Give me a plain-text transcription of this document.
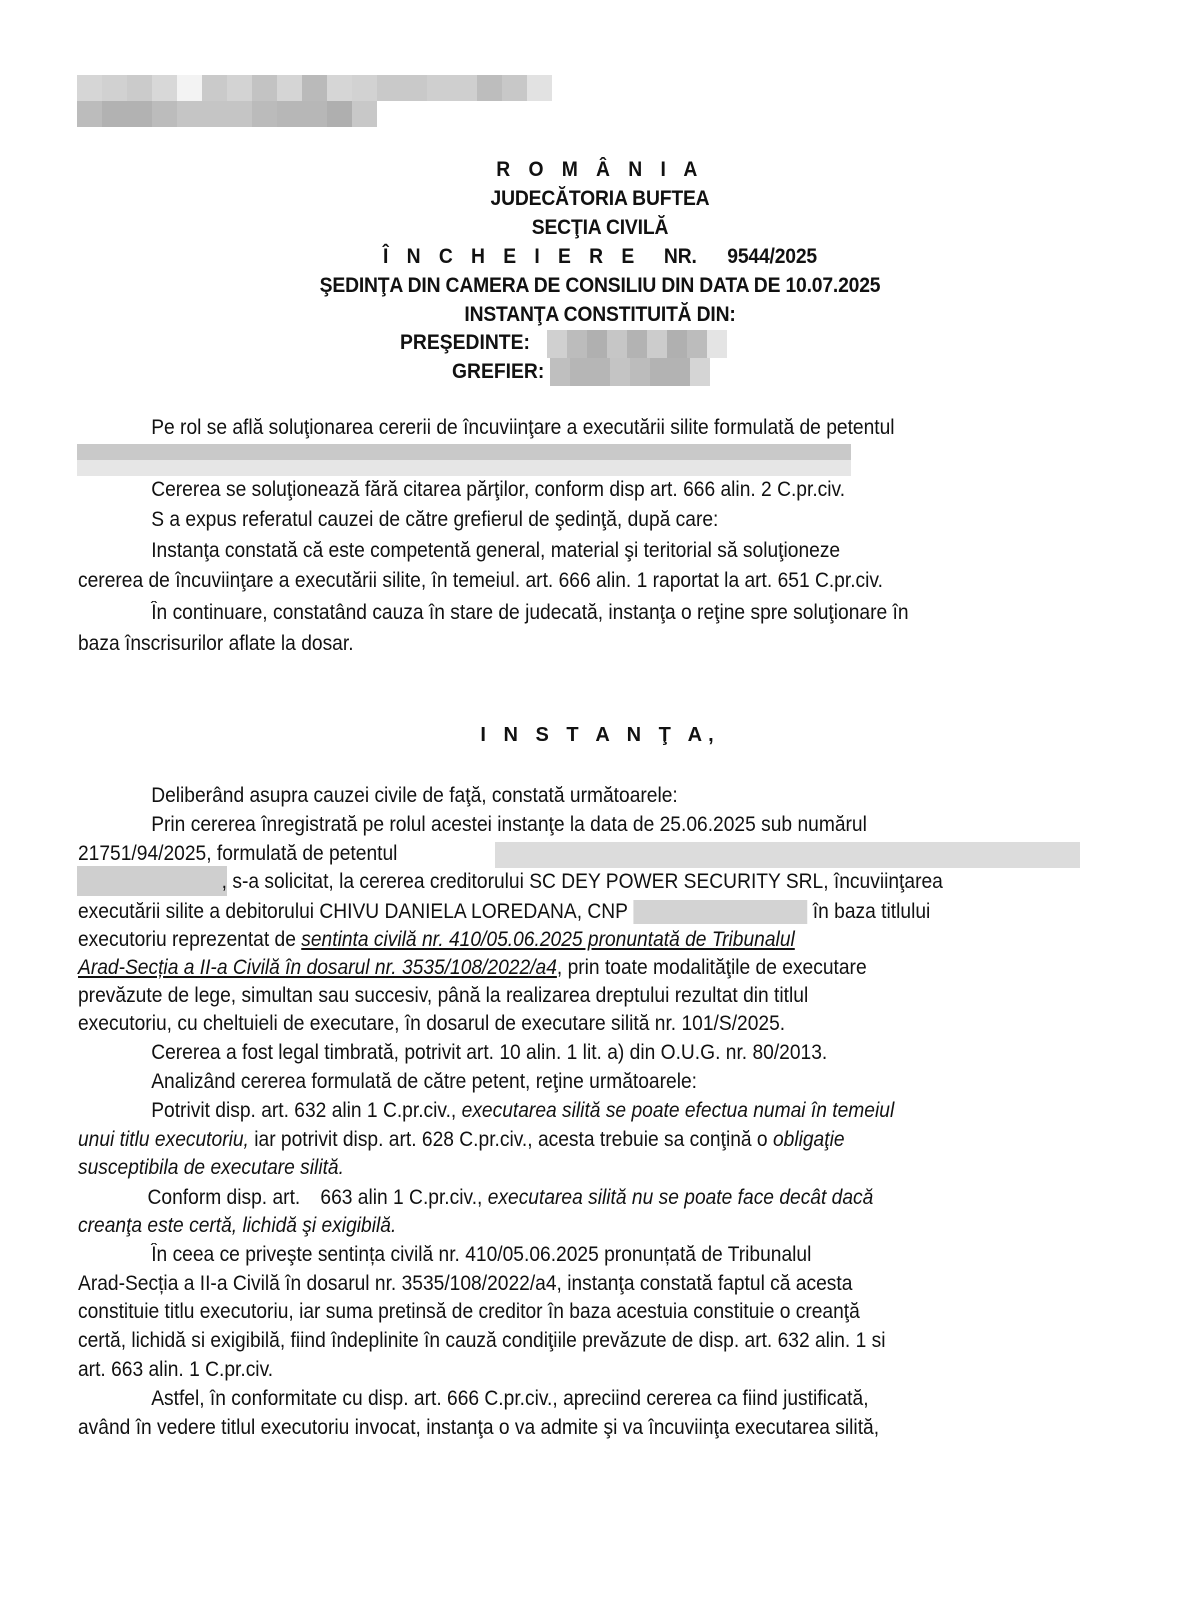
R O M Â N I A
JUDECĂTORIA BUFTEA
SECŢIA CIVILĂ
Î N C H E I E R E NR. 9544/2025
ŞEDINŢA DIN CAMERA DE CONSILIU DIN DATA DE 10.07.2025
INSTANŢA CONSTITUITĂ DIN:
PREŞEDINTE:
GREFIER:
Pe rol se află soluţionarea cererii de încuviinţare a executării silite formulată de petentul
Cererea se soluţionează fără citarea părţilor, conform disp art. 666 alin. 2 C.pr.civ.
S a expus referatul cauzei de către grefierul de şedinţă, după care:
Instanţa constată că este competentă general, material şi teritorial să soluţioneze
cererea de încuviinţare a executării silite, în temeiul. art. 666 alin. 1 raportat la art. 651 C.pr.civ.
În continuare, constatând cauza în stare de judecată, instanţa o reţine spre soluţionare în
baza înscrisurilor aflate la dosar.
I N S T A N Ţ A,
Deliberând asupra cauzei civile de faţă, constată următoarele:
Prin cererea înregistrată pe rolul acestei instanţe la data de 25.06.2025 sub numărul
21751/94/2025, formulată de petentul
, s-a solicitat, la cererea creditorului SC DEY POWER SECURITY SRL, încuviinţarea
executării silite a debitorului CHIVU DANIELA LOREDANA, CNP	în baza titlului
executoriu reprezentat de sentinta civilă nr. 410/05.06.2025 pronuntată de Tribunalul
Arad-Secția a II-a Civilă în dosarul nr. 3535/108/2022/a4, prin toate modalităţile de executare
prevăzute de lege, simultan sau succesiv, până la realizarea dreptului rezultat din titlul
executoriu, cu cheltuieli de executare, în dosarul de executare silită nr. 101/S/2025.
Cererea a fost legal timbrată, potrivit art. 10 alin. 1 lit. a) din O.U.G. nr. 80/2013.
Analizând cererea formulată de către petent, reţine următoarele:
Potrivit disp. art. 632 alin 1 C.pr.civ., executarea silită se poate efectua numai în temeiul
unui titlu executoriu, iar potrivit disp. art. 628 C.pr.civ., acesta trebuie sa conţină o obligaţie
susceptibila de executare silită.
Conform disp. art. 663 alin 1 C.pr.civ., executarea silită nu se poate face decât dacă
creanţa este certă, lichidă şi exigibilă.
În ceea ce priveşte sentința civilă nr. 410/05.06.2025 pronunțată de Tribunalul
Arad-Secția a II-a Civilă în dosarul nr. 3535/108/2022/a4, instanţa constată faptul că acesta
constituie titlu executoriu, iar suma pretinsă de creditor în baza acestuia constituie o creanţă
certă, lichidă si exigibilă, fiind îndeplinite în cauză condiţiile prevăzute de disp. art. 632 alin. 1 si
art. 663 alin. 1 C.pr.civ.
Astfel, în conformitate cu disp. art. 666 C.pr.civ., apreciind cererea ca fiind justificată,
având în vedere titlul executoriu invocat, instanţa o va admite şi va încuviinţa executarea silită,
